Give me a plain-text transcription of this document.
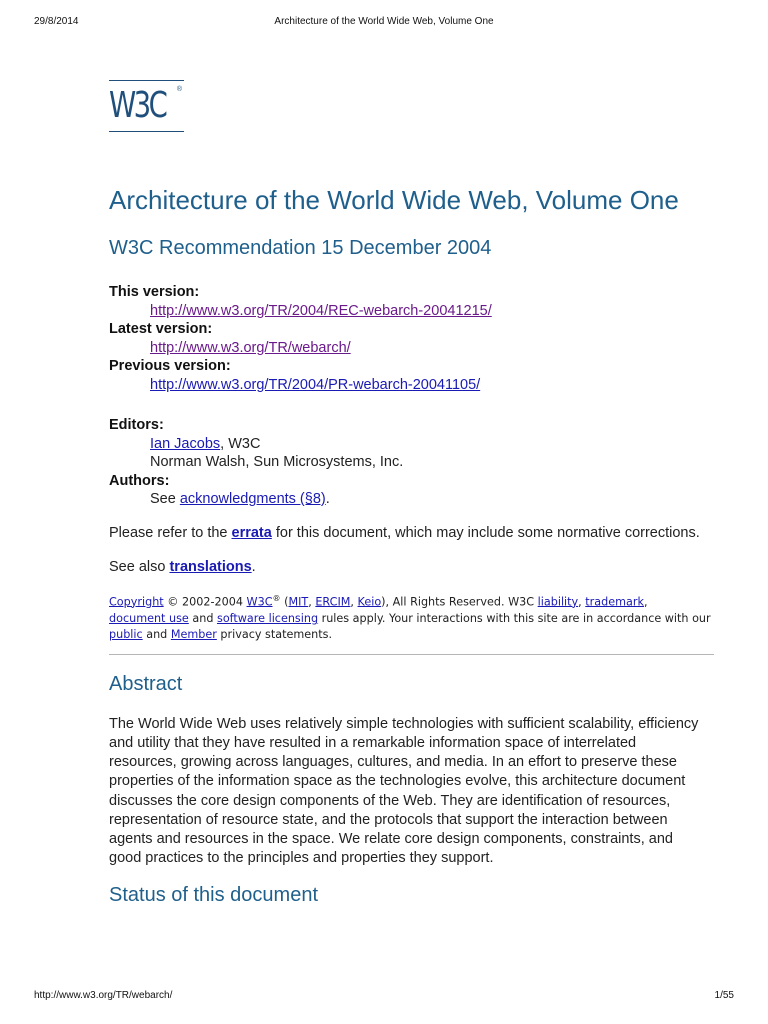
29/8/2014	Architecture of the World Wide Web, Volume One
W3C ®
Architecture of the World Wide Web, Volume One
W3C Recommendation 15 December 2004
This version:
http://www.w3.org/TR/2004/REC-webarch-20041215/
Latest version:
http://www.w3.org/TR/webarch/
Previous version:
http://www.w3.org/TR/2004/PR-webarch-20041105/
Editors:
Ian Jacobs, W3C
Norman Walsh, Sun Microsystems, Inc.
Authors:
See acknowledgments (§8).

Please refer to the errata for this document, which may include some normative corrections.

See also translations.

Copyright © 2002-2004 W3C® (MIT, ERCIM, Keio), All Rights Reserved. W3C liability, trademark,
document use and software licensing rules apply. Your interactions with this site are in accordance with our public and Member privacy statements.
Abstract

The World Wide Web uses relatively simple technologies with sufficient scalability, efficiency and utility that they have resulted in a remarkable information space of interrelated resources, growing across languages, cultures, and media. In an effort to preserve these properties of the information space as the technologies evolve, this architecture document discusses the core design components of the Web. They are identification of resources, representation of resource state, and the protocols that support the interaction between agents and resources in the space. We relate core design components, constraints, and good practices to the principles and properties they support.

Status of this document
http://www.w3.org/TR/webarch/	1/55
